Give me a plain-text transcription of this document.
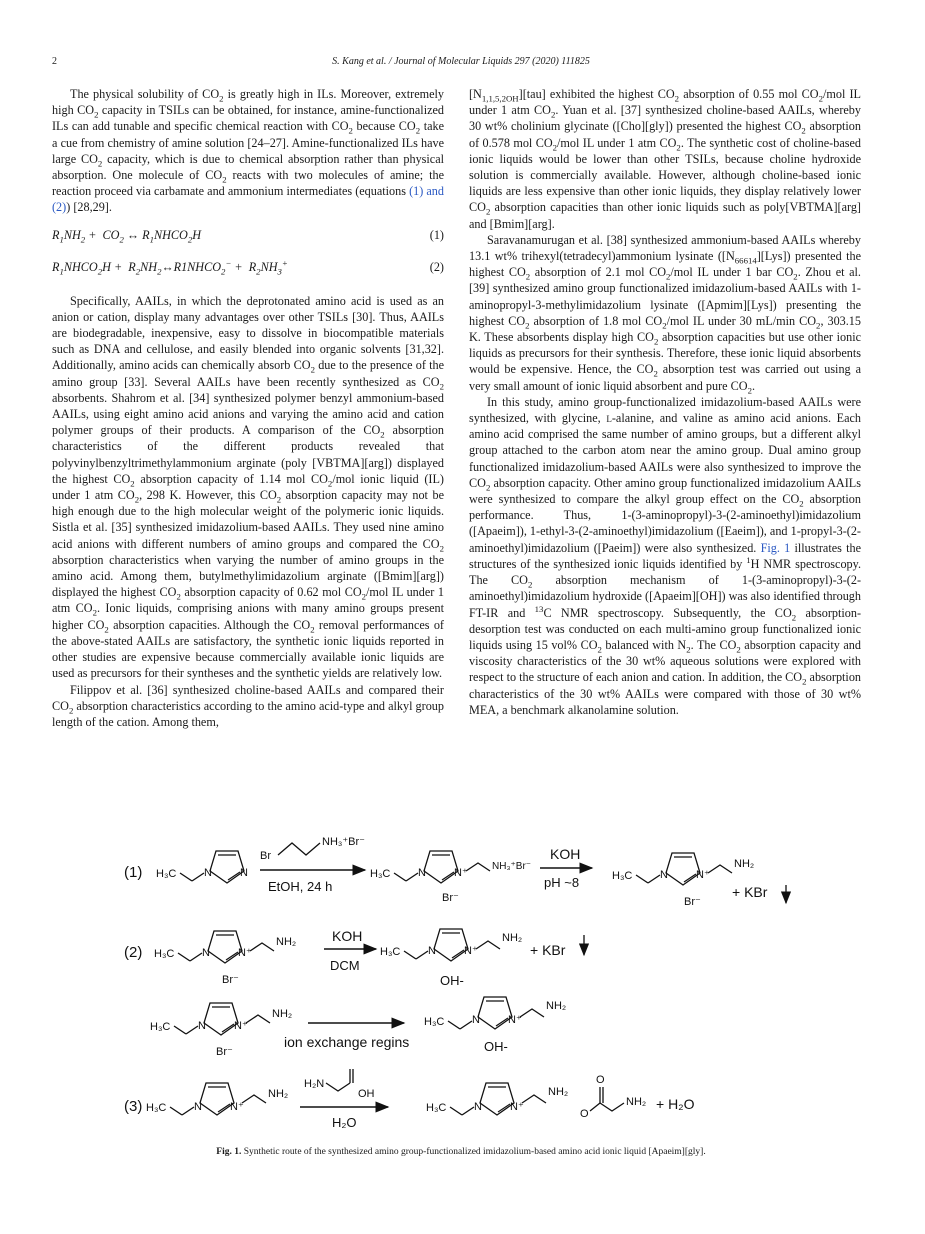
2	S. Kang et al. / Journal of Molecular Liquids 297 (2020) 111825

The physical solubility of $CO_2$ is greatly high in ILs. Moreover, extremely high $CO_2$ capacity in TSILs can be obtained, for instance, amine-functionalized ILs can add tunable and specific chemical reaction with $CO_2$ because $CO_2$ take a cue from chemistry of amine solution [24–27]. Amine-functionalized ILs have large $CO_2$ capacity, which is due to chemical absorption rather than physical absorption. One molecule of $CO_2$ reacts with two molecules of amine; the reaction proceed via carbamate and ammonium intermediates (equations (1) and (2)) [28,29].

$R_1NH_2 + CO_2$ ↔ $R_1NHCO_2H$	(1)
$R_1NHCO_2H$ +  $R_2NH_2\leftrightarrow R1NHCO_2^- + R_2NH_3^+$	(2)

Specifically, AAILs, in which the deprotonated amino acid is used as an anion or cation, display many advantages over other TSILs [30]. Thus, AAILs are biodegradable, inexpensive, easy to dissolve in biocompatible materials such as DNA and cellulose, and easily blended into organic solvents [31,32]. Additionally, amino acids can chemically absorb $CO_2$ due to the presence of the amino group [33]. Several AAILs have been recently synthesized as $CO_2$ absorbents. Shahrom et al. [34] synthesized polymer benzyl ammonium-based AAILs, using eight amino acid anions and varying the amino acid and cation polymer groups of their products. A comparison of the $CO_2$ absorption characteristics of the different products revealed that polyvinylbenzyltrimethylammonium arginate (poly [VBTMA][arg]) displayed the highest $CO_2$ absorption capacity of 1.14 mol $CO_2$/mol ionic liquid (IL) under 1 atm $CO_2$, 298 K. However, this $CO_2$ absorption capacity may not be high enough due to the high molecular weight of the polymeric ionic liquids. Sistla et al. [35] synthesized imidazolium-based AAILs. They used nine amino acid anions with different numbers of amino groups and compared the $CO_2$ absorption characteristics when varying the number of amino groups in the amino acid. Among them, butylmethylimidazolium arginate ([Bmim][arg]) displayed the highest $CO_2$ absorption capacity of 0.62 mol $CO_2$/mol IL under 1 atm $CO_2$. Ionic liquids, comprising anions with many amino groups present higher $CO_2$ absorption capacities. Although the $CO_2$ removal performances of the above-stated AAILs are satisfactory, the synthetic ionic liquids reported in other studies are expensive because commercially available ionic liquids are used as precursors for their syntheses and the synthetic yields are relatively low.

Filippov et al. [36] synthesized choline-based AAILs and compared their $CO_2$ absorption characteristics according to the amino acid-type and alkyl group length of the cation. Among them,

$[N_{1,1,5,2OH}][tau]$ exhibited the highest $CO_2$ absorption of 0.55 mol $CO_2$/mol IL under 1 atm $CO_2$. Yuan et al. [37] synthesized choline-based AAILs, whereby 30 wt% cholinium glycinate ([Cho][gly]) presented the highest $CO_2$ absorption of 0.578 mol $CO_2$/mol IL under 1 atm $CO_2$. The synthetic cost of choline-based ionic liquids would be lower than other TSILs, because choline hydroxide solution is commercially available. However, although choline-based ionic liquids are less expensive than other ionic liquids, they display relatively lower $CO_2$ absorption capacities than other ionic liquids such as poly[VBTMA][arg] and [Bmim][arg].

Saravanamurugan et al. [38] synthesized ammonium-based AAILs whereby 13.1 wt% trihexyl(tetradecyl)ammonium lysinate $([N_{66614}][Lys])$ presented the highest $CO_2$ absorption of 2.1 mol $CO_2$/mol IL under 1 bar $CO_2$. Zhou et al. [39] synthesized amino group functionalized imidazolium-based AAILs with 1-aminopropyl-3-methylimidazolium lysinate ([Apmim][Lys]) presenting the highest $CO_2$ absorption of 1.8 mol $CO_2$/mol IL under 30 mL/min $CO_2$, 303.15 K. These absorbents display high $CO_2$ absorption capacities but use other ionic liquids as precursors for their synthesis. Therefore, these ionic liquid absorbents would be expensive. Hence, the $CO_2$ absorption test was carried out using a very small amount of ionic liquid absorbent and pure $CO_2$.

In this study, amino group-functionalized imidazolium-based AAILs were synthesized, with glycine, l-alanine, and valine as amino acid anions. Each amino acid comprised the same number of amino groups, but a different alkyl group attached to the carbon atom near the amino group. Dual amino group functionalized imidazolium-based AAILs were also synthesized to improve the $CO_2$ absorption capacity. Other amino group functionalized imidazolium AAILs were synthesized to compare the alkyl group effect on the $CO_2$ absorption performance. Thus, 1-(3-aminopropyl)-3-(2-aminoethyl)imidazolium ([Apaeim]), 1-ethyl-3-(2-aminoethyl)imidazolium ([Eaeim]), and 1-propyl-3-(2-aminoethyl)imidazolium ([Paeim]) were also synthesized. Fig. 1 illustrates the structures of the synthesized ionic liquids identified by $^1$H NMR spectroscopy. The $CO_2$ absorption mechanism of 1-(3-aminopropyl)-3-(2-aminoethyl)imidazolium hydroxide ([Apaeim][OH]) was also identified through FT-IR and $^{13}$C NMR spectroscopy. Subsequently, the $CO_2$ absorption-desorption test was conducted on each multi-amino group functionalized ionic liquids using 15 vol% $CO_2$ balanced with $N_2$. The $CO_2$ absorption capacity and viscosity characteristics of the 30 wt% aqueous solutions were explored with respect to the structure of each anion and cation. In addition, the $CO_2$ absorption characteristics of the 30 wt% AAILs were compared with those of 30 wt% MEA, a benchmark alkanolamine solution.

(1) H₃C	N	N
Br
NH₃⁺Br⁻
EtOH, 24 h
H₃C	N	N⁺
NH₃⁺Br⁻
Br⁻
KOH
pH ~8	H₃C	N	N⁺
NH₂
Br⁻
+ KBr
(2) H₃C	N	N⁺
NH₂
Br⁻
KOH
DCM
H₃C	N	N⁺
NH₂
OH-
+ KBr
H₃C	N	N⁺
NH₂
Br⁻
ion exchange regins
H₃C	N	N⁺
NH₂
OH-
(3) H₃C	N	N⁺
NH₂
H₂N
OH
H₂O
H₃C	N	N⁺
NH₂
O
O
NH₂ + H₂O
Fig. 1. Synthetic route of the synthesized amino group-functionalized imidazolium-based amino acid ionic liquid [Apaeim][gly].
